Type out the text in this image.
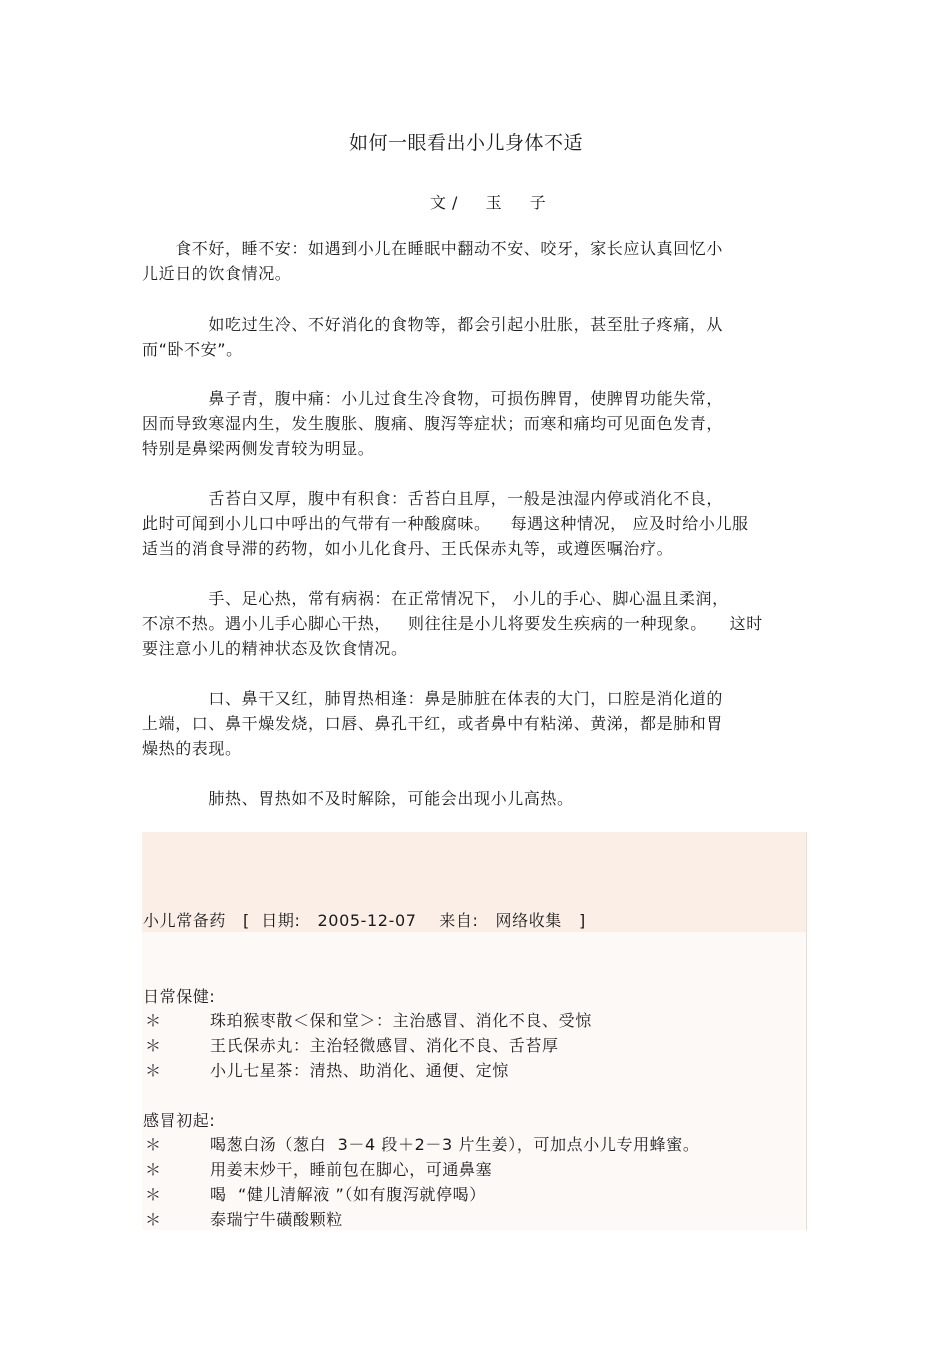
如何一眼看出小儿身体不适
文/  玉  子
　　食不好，睡不安：如遇到小儿在睡眠中翻动不安、咬牙，家长应认真回忆小
儿近日的饮食情况。
　　　　如吃过生冷、不好消化的食物等，都会引起小肚胀，甚至肚子疼痛，从
而“卧不安”。
　　　　鼻子青，腹中痛：小儿过食生冷食物，可损伤脾胃，使脾胃功能失常，
因而导致寒湿内生，发生腹胀、腹痛、腹泻等症状；而寒和痛均可见面色发青，
特别是鼻梁两侧发青较为明显。
　　　　舌苔白又厚，腹中有积食：舌苔白且厚，一般是浊湿内停或消化不良，
此时可闻到小儿口中呼出的气带有一种酸腐味。　  每遇这种情况， 应及时给小儿服
适当的消食导滞的药物，如小儿化食丹、王氏保赤丸等，或遵医嘱治疗。
　　　　手、足心热，常有病祸：在正常情况下， 小儿的手心、脚心温且柔润，
不凉不热。遇小儿手心脚心干热，   则往往是小儿将要发生疾病的一种现象。    这时
要注意小儿的精神状态及饮食情况。
　　　　口、鼻干又红，肺胃热相逢：鼻是肺脏在体表的大门，口腔是消化道的
上端，口、鼻干燥发烧，口唇、鼻孔干红，或者鼻中有粘涕、黄涕，都是肺和胃
燥热的表现。
　　　　肺热、胃热如不及时解除，可能会出现小儿高热。
小儿常备药   [  日期:   2005-12-07    来自:   网络收集   ]
日常保健:
＊	珠珀猴枣散＜保和堂＞：主治感冒、消化不良、受惊
＊	王氏保赤丸：主治轻微感冒、消化不良、舌苔厚
＊	小儿七星茶：清热、助消化、通便、定惊
感冒初起:
＊	喝葱白汤（葱白  3－4 段＋2－3 片生姜），可加点小儿专用蜂蜜。
＊	用姜末炒干，睡前包在脚心，可通鼻塞
＊	喝  “健儿清解液 ”（如有腹泻就停喝）
＊	泰瑞宁牛磺酸颗粒
